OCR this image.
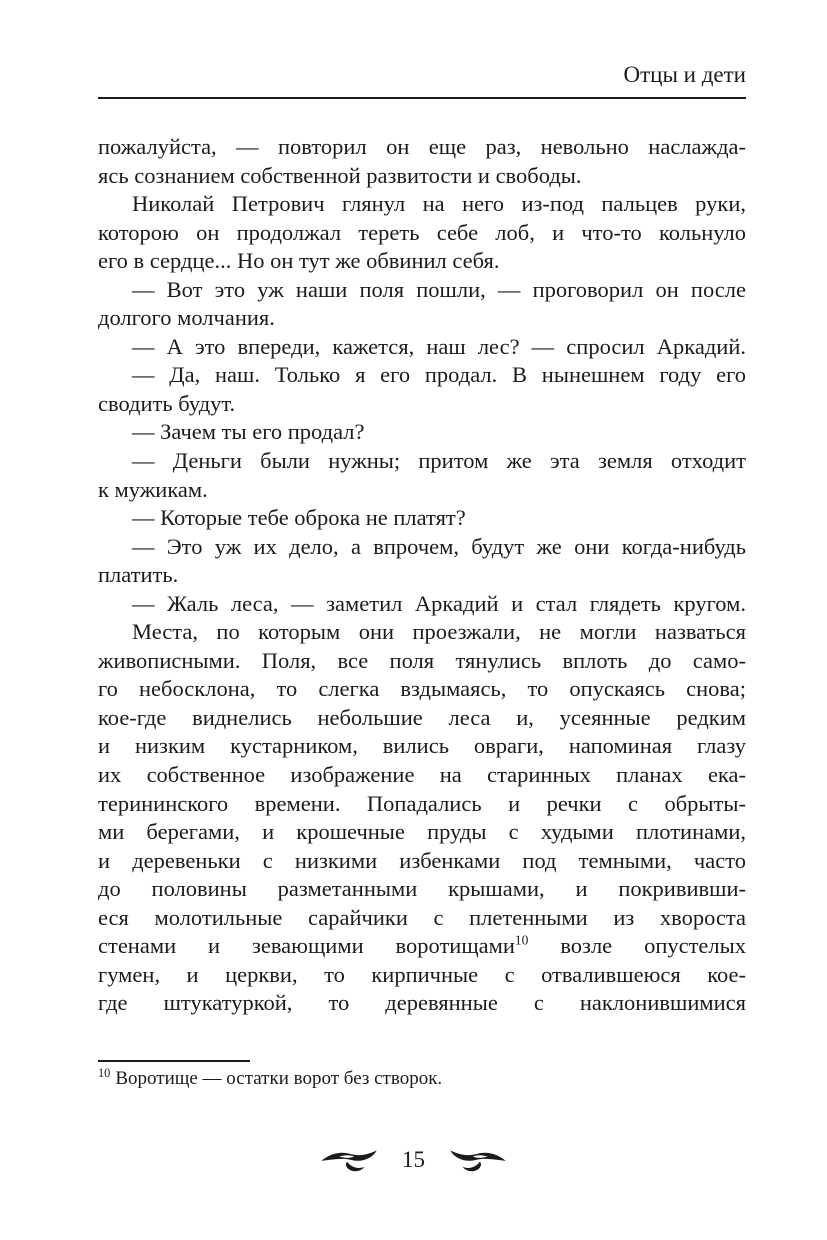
Отцы и дети
пожалуйста, — повторил он еще раз, невольно наслажда-
ясь сознанием собственной развитости и свободы.
Николай Петрович глянул на него из-под пальцев руки,
которою он продолжал тереть себе лоб, и что-то кольнуло
его в сердце... Но он тут же обвинил себя.
— Вот это уж наши поля пошли, — проговорил он после
долгого молчания.
— А это впереди, кажется, наш лес? — спросил Аркадий.
— Да, наш. Только я его продал. В нынешнем году его
сводить будут.
— Зачем ты его продал?
— Деньги были нужны; притом же эта земля отходит
к мужикам.
— Которые тебе оброка не платят?
— Это уж их дело, а впрочем, будут же они когда-нибудь
платить.
— Жаль леса, — заметил Аркадий и стал глядеть кругом.
Места, по которым они проезжали, не могли назваться
живописными. Поля, все поля тянулись вплоть до само-
го небосклона, то слегка вздымаясь, то опускаясь снова;
кое-где виднелись небольшие леса и, усеянные редким
и низким кустарником, вились овраги, напоминая глазу
их собственное изображение на старинных планах ека-
терининского времени. Попадались и речки с обрыты-
ми берегами, и крошечные пруды с худыми плотинами,
и деревеньки с низкими избенками под темными, часто
до половины разметанными крышами, и покрививши-
еся молотильные сарайчики с плетенными из хвороста
стенами и зевающими воротищами$^{10}$ возле опустелых
гумен, и церкви, то кирпичные с отвалившеюся кое-
где штукатуркой, то деревянные с наклонившимися
$^{10}$ Воротище — остатки ворот без створок.
15
